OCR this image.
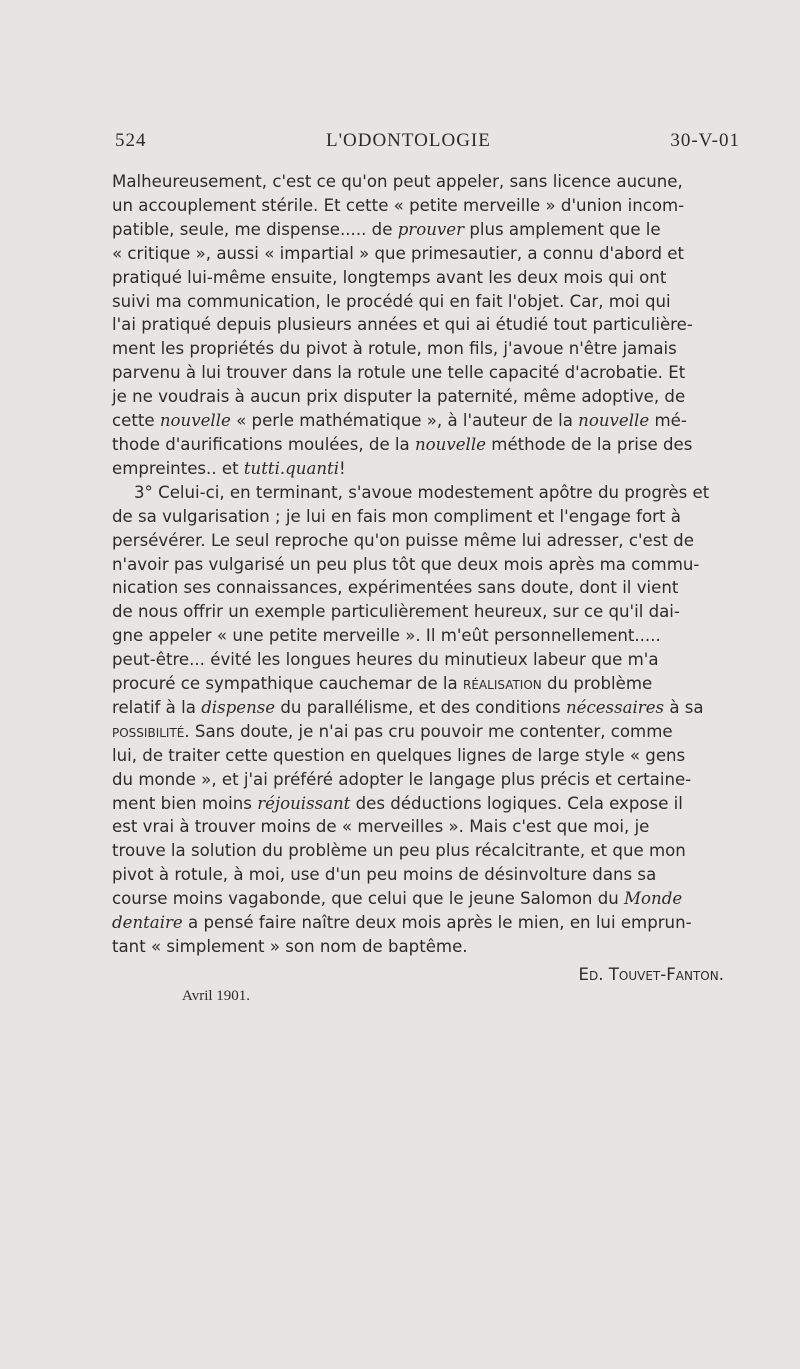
524	L'ODONTOLOGIE	30-V-01
Malheureusement, c'est ce qu'on peut appeler, sans licence aucune,
un accouplement stérile. Et cette « petite merveille » d'union incom-
patible, seule, me dispense..... de prouver plus amplement que le
« critique », aussi « impartial » que primesautier, a connu d'abord et
pratiqué lui-même ensuite, longtemps avant les deux mois qui ont
suivi ma communication, le procédé qui en fait l'objet. Car, moi qui
l'ai pratiqué depuis plusieurs années et qui ai étudié tout particulière-
ment les propriétés du pivot à rotule, mon fils, j'avoue n'être jamais
parvenu à lui trouver dans la rotule une telle capacité d'acrobatie. Et
je ne voudrais à aucun prix disputer la paternité, même adoptive, de
cette nouvelle « perle mathématique », à l'auteur de la nouvelle mé-
thode d'aurifications moulées, de la nouvelle méthode de la prise des
empreintes.. et tutti.quanti!
3° Celui-ci, en terminant, s'avoue modestement apôtre du progrès et
de sa vulgarisation ; je lui en fais mon compliment et l'engage fort à
persévérer. Le seul reproche qu'on puisse même lui adresser, c'est de
n'avoir pas vulgarisé un peu plus tôt que deux mois après ma commu-
nication ses connaissances, expérimentées sans doute, dont il vient
de nous offrir un exemple particulièrement heureux, sur ce qu'il dai-
gne appeler « une petite merveille ». Il m'eût personnellement.....
peut-être... évité les longues heures du minutieux labeur que m'a
procuré ce sympathique cauchemar de la réalisation du problème
relatif à la dispense du parallélisme, et des conditions nécessaires à sa
possibilité. Sans doute, je n'ai pas cru pouvoir me contenter, comme
lui, de traiter cette question en quelques lignes de large style « gens
du monde », et j'ai préféré adopter le langage plus précis et certaine-
ment bien moins réjouissant des déductions logiques. Cela expose il
est vrai à trouver moins de « merveilles ». Mais c'est que moi, je
trouve la solution du problème un peu plus récalcitrante, et que mon
pivot à rotule, à moi, use d'un peu moins de désinvolture dans sa
course moins vagabonde, que celui que le jeune Salomon du Monde
dentaire a pensé faire naître deux mois après le mien, en lui emprun-
tant « simplement » son nom de baptême.
Ed. Touvet-Fanton.
Avril 1901.
